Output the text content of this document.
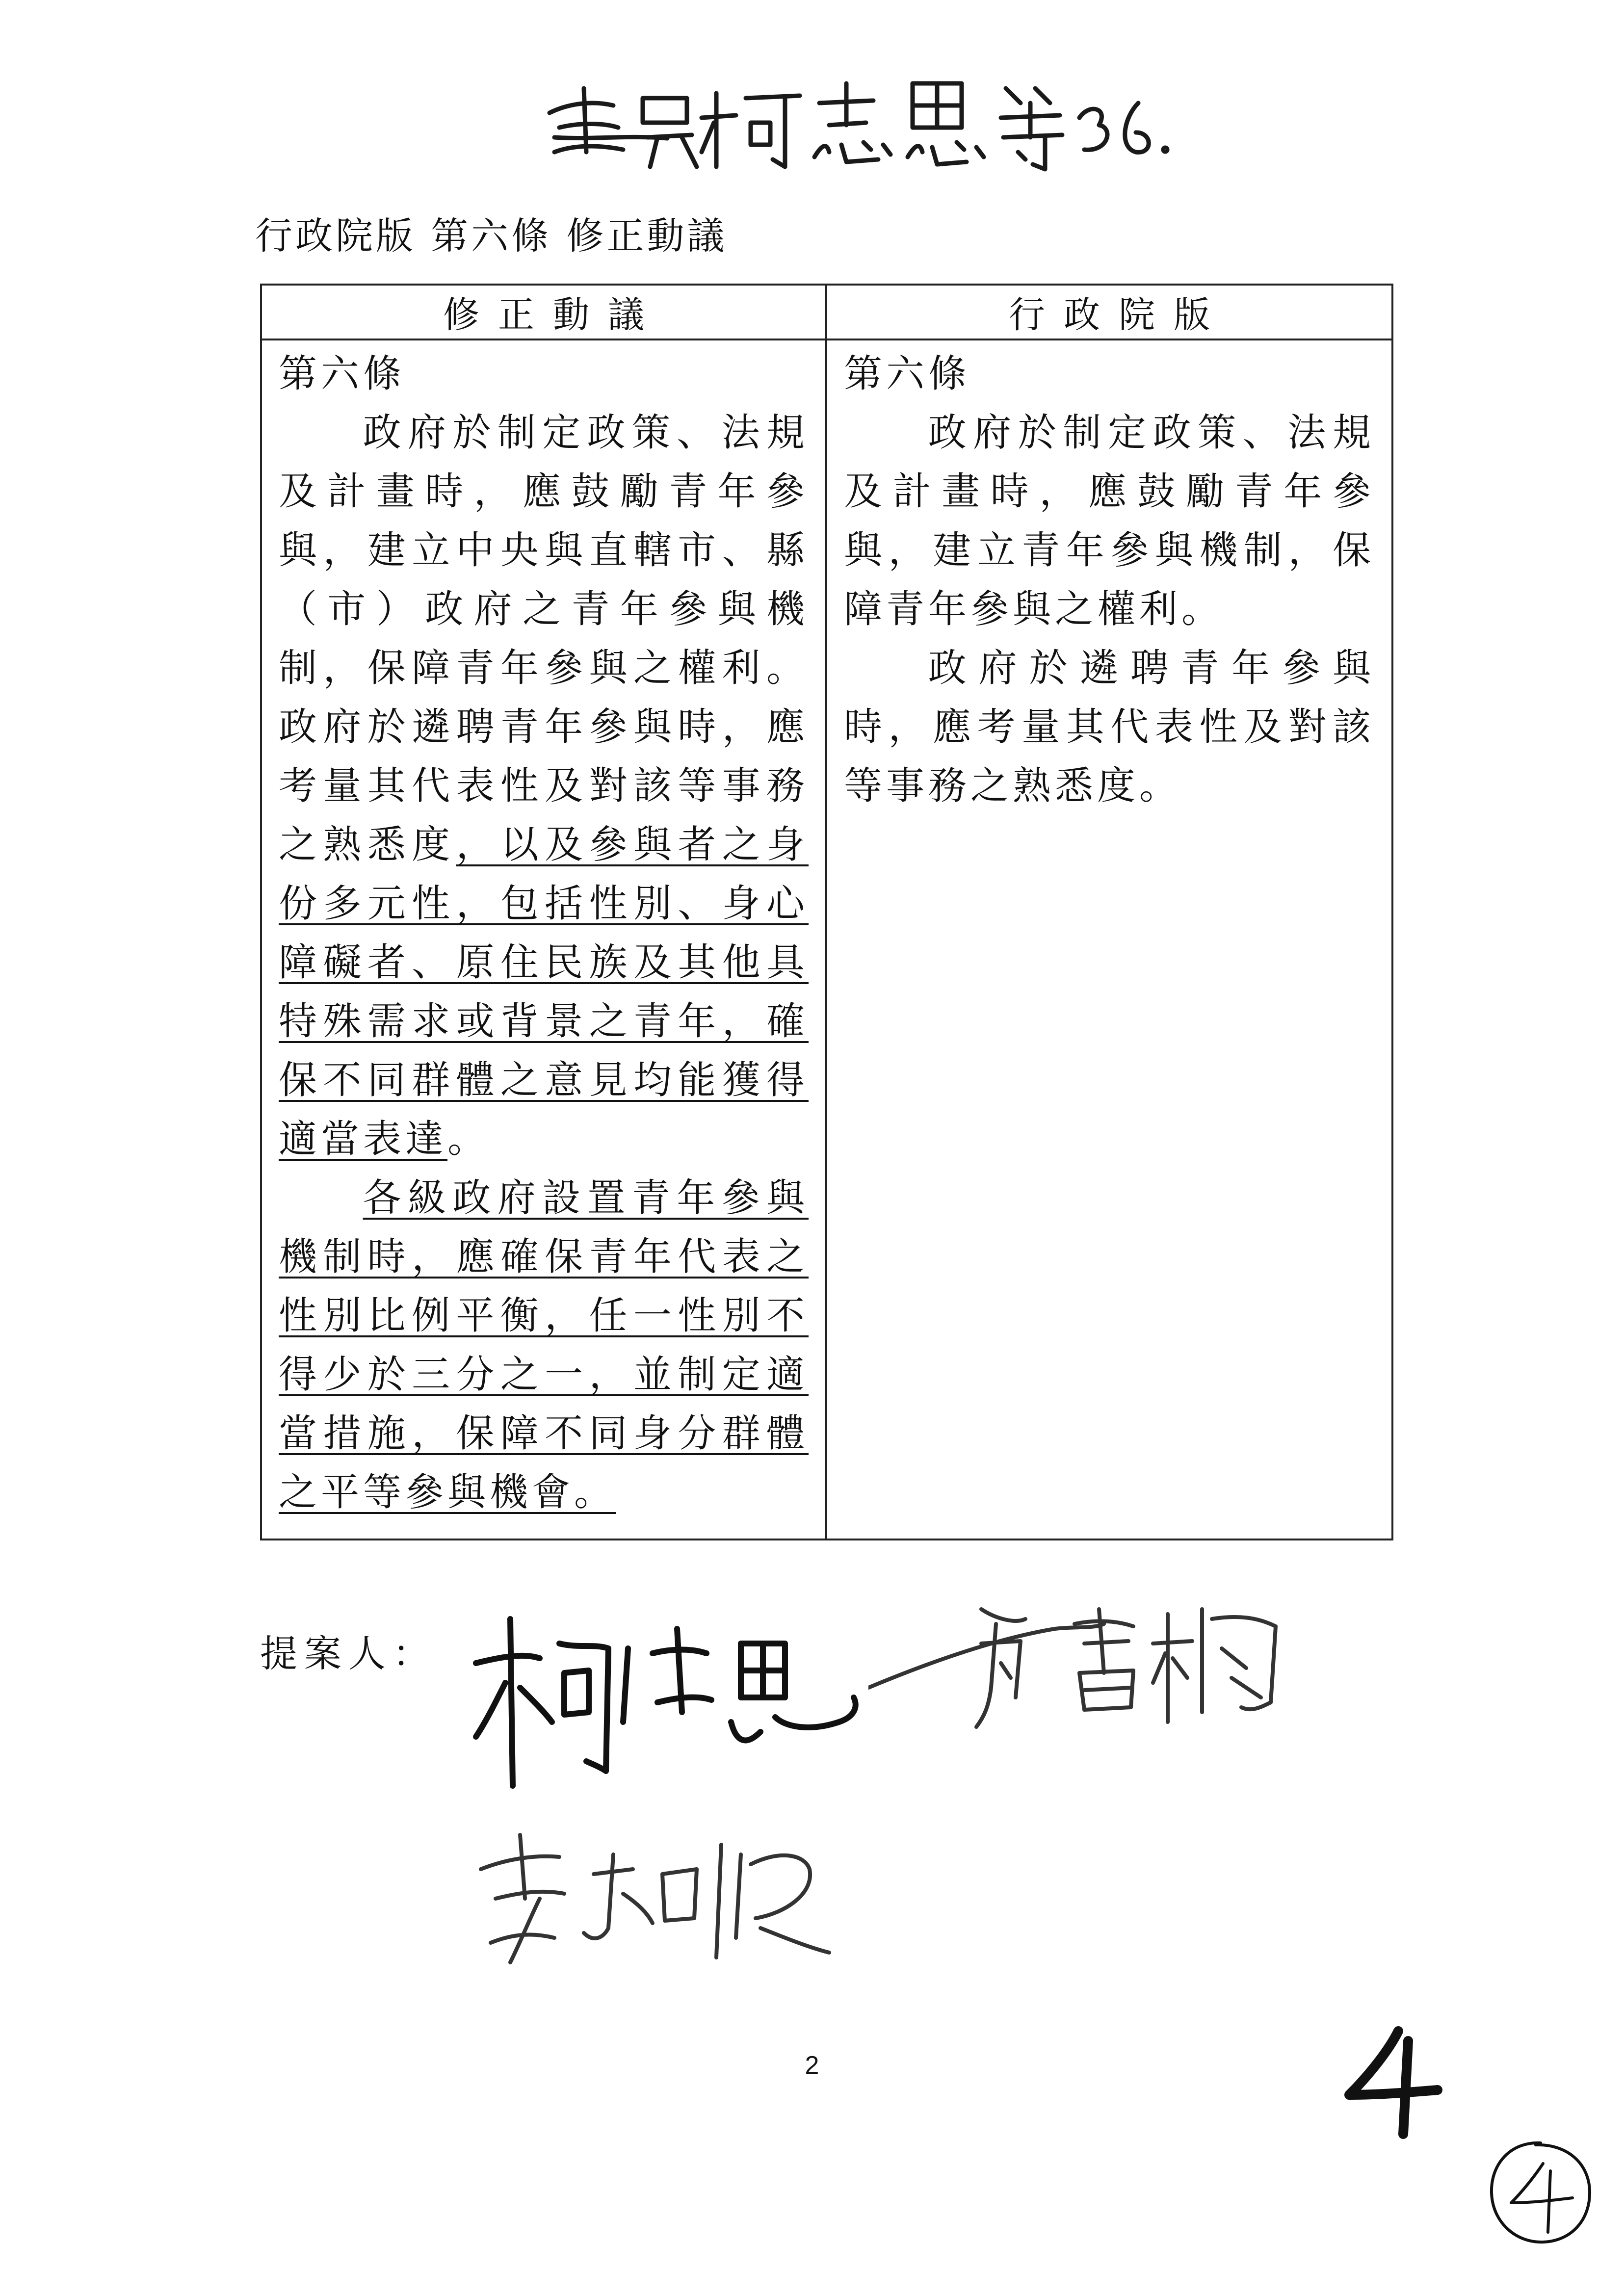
行政院版 第六條 修正動議
修正動議
第六條
政府於制定政策、法規及計畫時，應鼓勵青年參與，建立中央與直轄市、縣（市）政府之青年參與機制，保障青年參與之權利。 政府於遴聘青年參與時，應考量其代表性及對該等事務之熟悉度，以及參與者之身份多元性，包括性別、身心障礙者、原住民族及其他具特殊需求或背景之青年，確保不同群體之意見均能獲得適當表達。
各級政府設置青年參與機制時，應確保青年代表之性別比例平衡，任一性別不得少於三分之一，並制定適當措施，保障不同身分群體之平等參與機會。
行政院版
第六條
政府於制定政策、法規及計畫時，應鼓勵青年參與，建立青年參與機制，保障青年參與之權利。
政府於遴聘青年參與時，應考量其代表性及對該等事務之熟悉度。
提案人：
2
